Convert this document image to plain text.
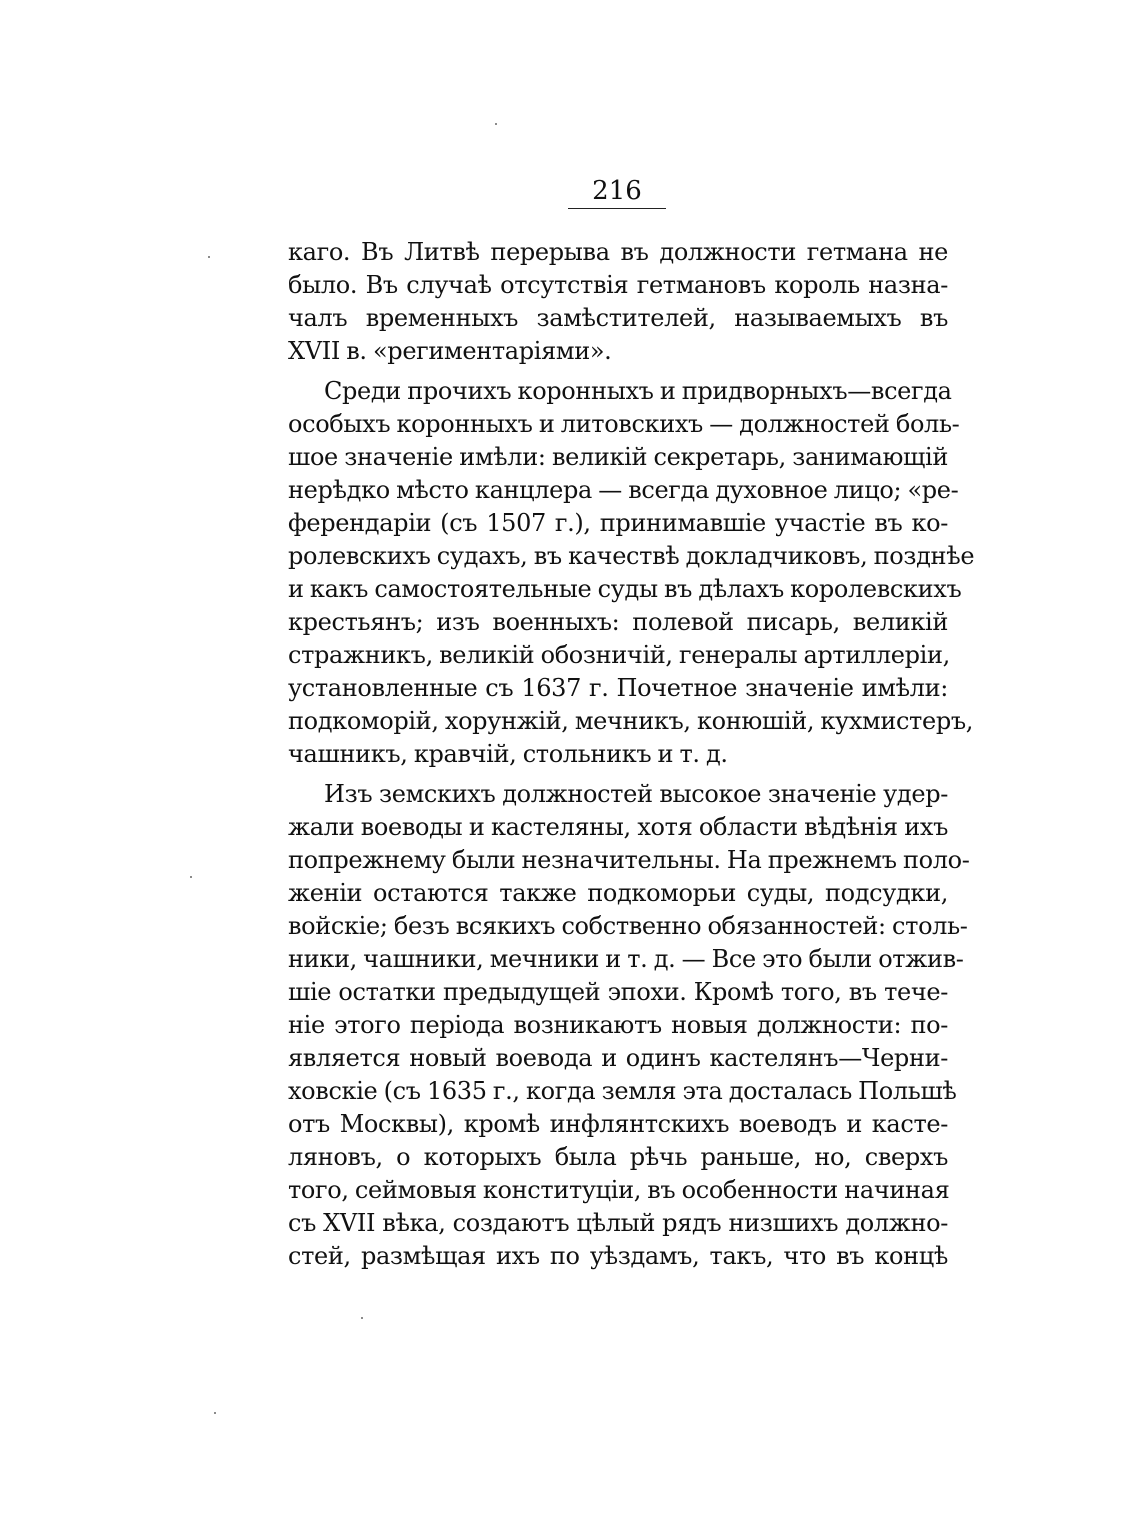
216
каго. Въ Литвѣ перерыва въ должности гетмана не
было. Въ случаѣ отсутствія гетмановъ король назна-
чалъ временныхъ замѣстителей, называемыхъ въ
XVII в. «региментаріями».
Среди прочихъ коронныхъ и придворныхъ—всегда
особыхъ коронныхъ и литовскихъ — должностей боль-
шое значеніе имѣли: великій секретарь, занимающій
нерѣдко мѣсто канцлера — всегда духовное лицо; «ре-
ферендаріи (съ 1507 г.), принимавшіе участіе въ ко-
ролевскихъ судахъ, въ качествѣ докладчиковъ, позднѣе
и какъ самостоятельные суды въ дѣлахъ королевскихъ
крестьянъ; изъ военныхъ: полевой писарь, великій
стражникъ, великій обозничій, генералы артиллеріи,
установленные съ 1637 г. Почетное значеніе имѣли:
подкоморій, хорунжій, мечникъ, конюшій, кухмистеръ,
чашникъ, кравчій, стольникъ и т. д.
Изъ земскихъ должностей высокое значеніе удер-
жали воеводы и кастеляны, хотя области вѣдѣнія ихъ
попрежнему были незначительны. На прежнемъ поло-
женіи остаются также подкоморьи суды, подсудки,
войскіе; безъ всякихъ собственно обязанностей: столь-
ники, чашники, мечники и т. д. — Все это были отжив-
шіе остатки предыдущей эпохи. Кромѣ того, въ тече-
ніе этого періода возникаютъ новыя должности: по-
является новый воевода и одинъ кастелянъ—Черни-
ховскіе (съ 1635 г., когда земля эта досталась Польшѣ
отъ Москвы), кромѣ инфлянтскихъ воеводъ и касте-
ляновъ, о которыхъ была рѣчь раньше, но, сверхъ
того, сеймовыя конституціи, въ особенности начиная
съ XVII вѣка, создаютъ цѣлый рядъ низшихъ должно-
стей, размѣщая ихъ по уѣздамъ, такъ, что въ концѣ
